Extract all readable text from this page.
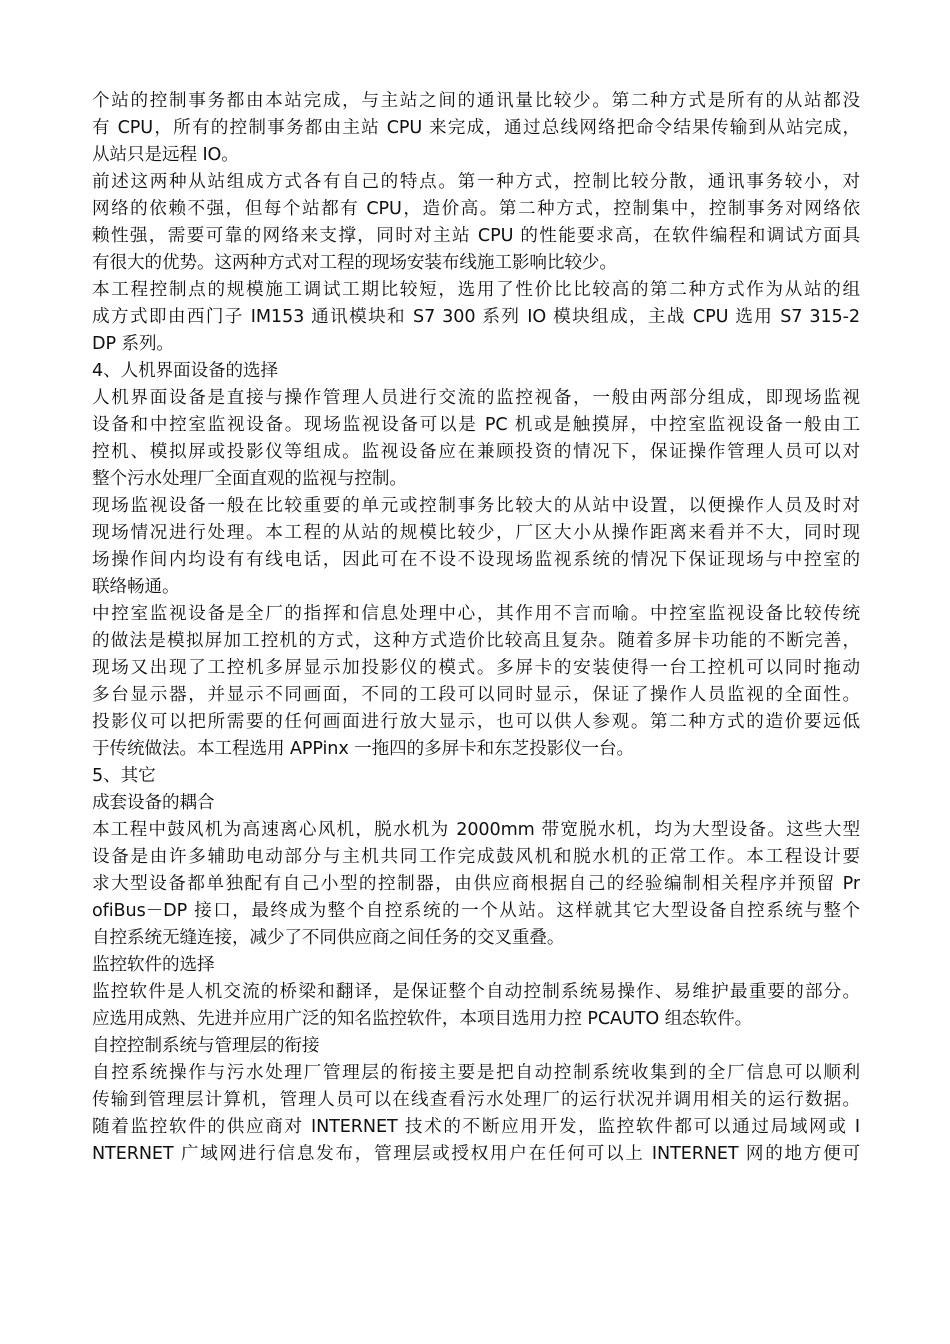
个站的控制事务都由本站完成，与主站之间的通讯量比较少。第二种方式是所有的从站都没
有 CPU，所有的控制事务都由主站 CPU 来完成，通过总线网络把命令结果传输到从站完成，
从站只是远程 IO。
前述这两种从站组成方式各有自己的特点。第一种方式，控制比较分散，通讯事务较小，对
网络的依赖不强，但每个站都有 CPU，造价高。第二种方式，控制集中，控制事务对网络依
赖性强，需要可靠的网络来支撑，同时对主站 CPU 的性能要求高，在软件编程和调试方面具
有很大的优势。这两种方式对工程的现场安装布线施工影响比较少。
本工程控制点的规模施工调试工期比较短，选用了性价比比较高的第二种方式作为从站的组
成方式即由西门子 IM153 通讯模块和 S7 300 系列 IO 模块组成，主战 CPU 选用 S7 315-2
DP 系列。
4、人机界面设备的选择
人机界面设备是直接与操作管理人员进行交流的监控视备，一般由两部分组成，即现场监视
设备和中控室监视设备。现场监视设备可以是 PC 机或是触摸屏，中控室监视设备一般由工
控机、模拟屏或投影仪等组成。监视设备应在兼顾投资的情况下，保证操作管理人员可以对
整个污水处理厂全面直观的监视与控制。
现场监视设备一般在比较重要的单元或控制事务比较大的从站中设置，以便操作人员及时对
现场情况进行处理。本工程的从站的规模比较少，厂区大小从操作距离来看并不大，同时现
场操作间内均设有有线电话，因此可在不设不设现场监视系统的情况下保证现场与中控室的
联络畅通。
中控室监视设备是全厂的指挥和信息处理中心，其作用不言而喻。中控室监视设备比较传统
的做法是模拟屏加工控机的方式，这种方式造价比较高且复杂。随着多屏卡功能的不断完善，
现场又出现了工控机多屏显示加投影仪的模式。多屏卡的安装使得一台工控机可以同时拖动
多台显示器，并显示不同画面，不同的工段可以同时显示，保证了操作人员监视的全面性。
投影仪可以把所需要的任何画面进行放大显示，也可以供人参观。第二种方式的造价要远低
于传统做法。本工程选用 APPinx 一拖四的多屏卡和东芝投影仪一台。
5、其它
成套设备的耦合
本工程中鼓风机为高速离心风机，脱水机为 2000mm 带宽脱水机，均为大型设备。这些大型
设备是由许多辅助电动部分与主机共同工作完成鼓风机和脱水机的正常工作。本工程设计要
求大型设备都单独配有自己小型的控制器，由供应商根据自己的经验编制相关程序并预留 Pr
ofiBus－DP 接口，最终成为整个自控系统的一个从站。这样就其它大型设备自控系统与整个
自控系统无缝连接，减少了不同供应商之间任务的交叉重叠。
监控软件的选择
监控软件是人机交流的桥梁和翻译，是保证整个自动控制系统易操作、易维护最重要的部分。
应选用成熟、先进并应用广泛的知名监控软件，本项目选用力控 PCAUTO 组态软件。
自控控制系统与管理层的衔接
自控系统操作与污水处理厂管理层的衔接主要是把自动控制系统收集到的全厂信息可以顺利
传输到管理层计算机，管理人员可以在线查看污水处理厂的运行状况并调用相关的运行数据。
随着监控软件的供应商对 INTERNET 技术的不断应用开发，监控软件都可以通过局域网或 I
NTERNET 广域网进行信息发布，管理层或授权用户在任何可以上 INTERNET 网的地方便可
